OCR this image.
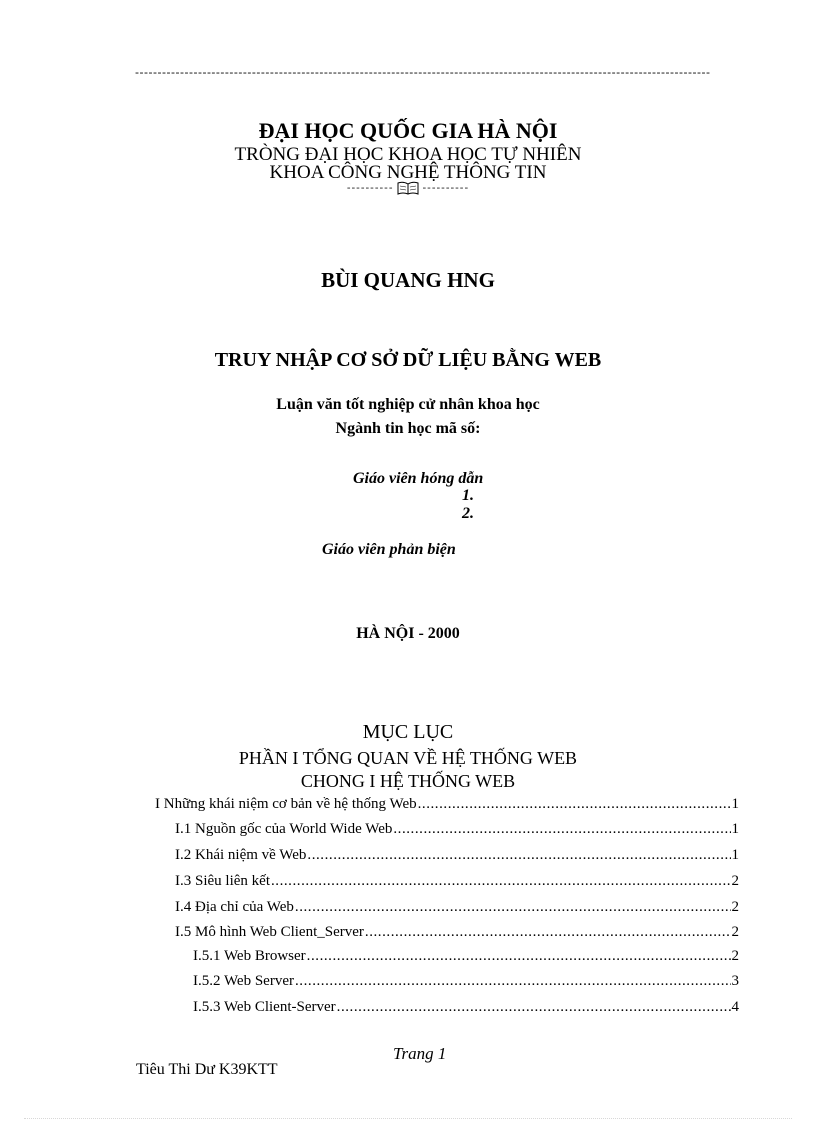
--------------------------------------------------------------------------------------------------------------------------------
ĐẠI HỌC QUỐC GIA HÀ NỘI
TRÒNG ĐẠI HỌC KHOA HỌC TỰ NHIÊN
KHOA CÔNG NGHỆ THÔNG TIN
----------	----------
BÙI QUANG HNG
TRUY NHẬP CƠ SỞ DỮ LIỆU BẰNG WEB
Luận văn tốt nghiệp cử nhân khoa học
Ngành tin học mã số:
Giáo viên hóng dẫn
1.
2.
Giáo viên phản biện
HÀ NỘI - 2000
MỤC LỤC
PHẦN I TỔNG QUAN VỀ HỆ THỐNG WEB
CHONG I HỆ THỐNG WEB
I Những khái niệm cơ bản về hệ thống Web . . .	1
I.1 Nguồn gốc của World Wide Web . . .	1
I.2 Khái niệm về Web . . .	1
I.3 Siêu liên kết . . .	2
I.4 Địa chỉ của Web . . .	2
I.5 Mô hình Web Client_Server . . .	2
I.5.1 Web Browser . . .	2
I.5.2 Web Server . . .	3
I.5.3 Web Client-Server . . .	4
Trang 1
Tiêu Thi Dư K39KTT
